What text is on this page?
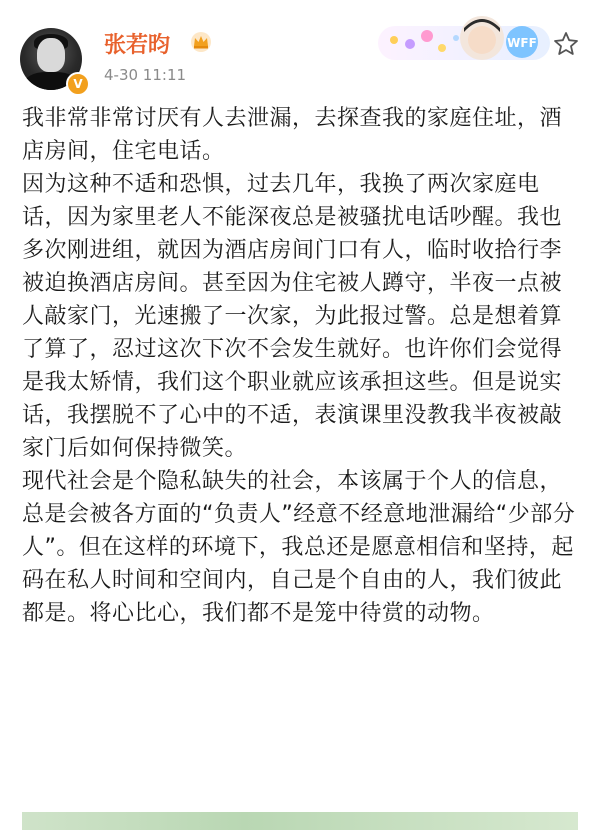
V
张若昀
4-30 11:11
WFF

我非常非常讨厌有人去泄漏，去探查我的家庭住址，酒店房间，住宅电话。

因为这种不适和恐惧，过去几年，我换了两次家庭电话，因为家里老人不能深夜总是被骚扰电话吵醒。我也多次刚进组，就因为酒店房间门口有人，临时收拾行李被迫换酒店房间。甚至因为住宅被人蹲守，半夜一点被人敲家门，光速搬了一次家，为此报过警。总是想着算了算了，忍过这次下次不会发生就好。也许你们会觉得是我太矫情，我们这个职业就应该承担这些。但是说实话，我摆脱不了心中的不适，表演课里没教我半夜被敲家门后如何保持微笑。

现代社会是个隐私缺失的社会，本该属于个人的信息，总是会被各方面的“负责人”经意不经意地泄漏给“少部分人”。但在这样的环境下，我总还是愿意相信和坚持，起码在私人时间和空间内，自己是个自由的人，我们彼此都是。将心比心，我们都不是笼中待赏的动物。
